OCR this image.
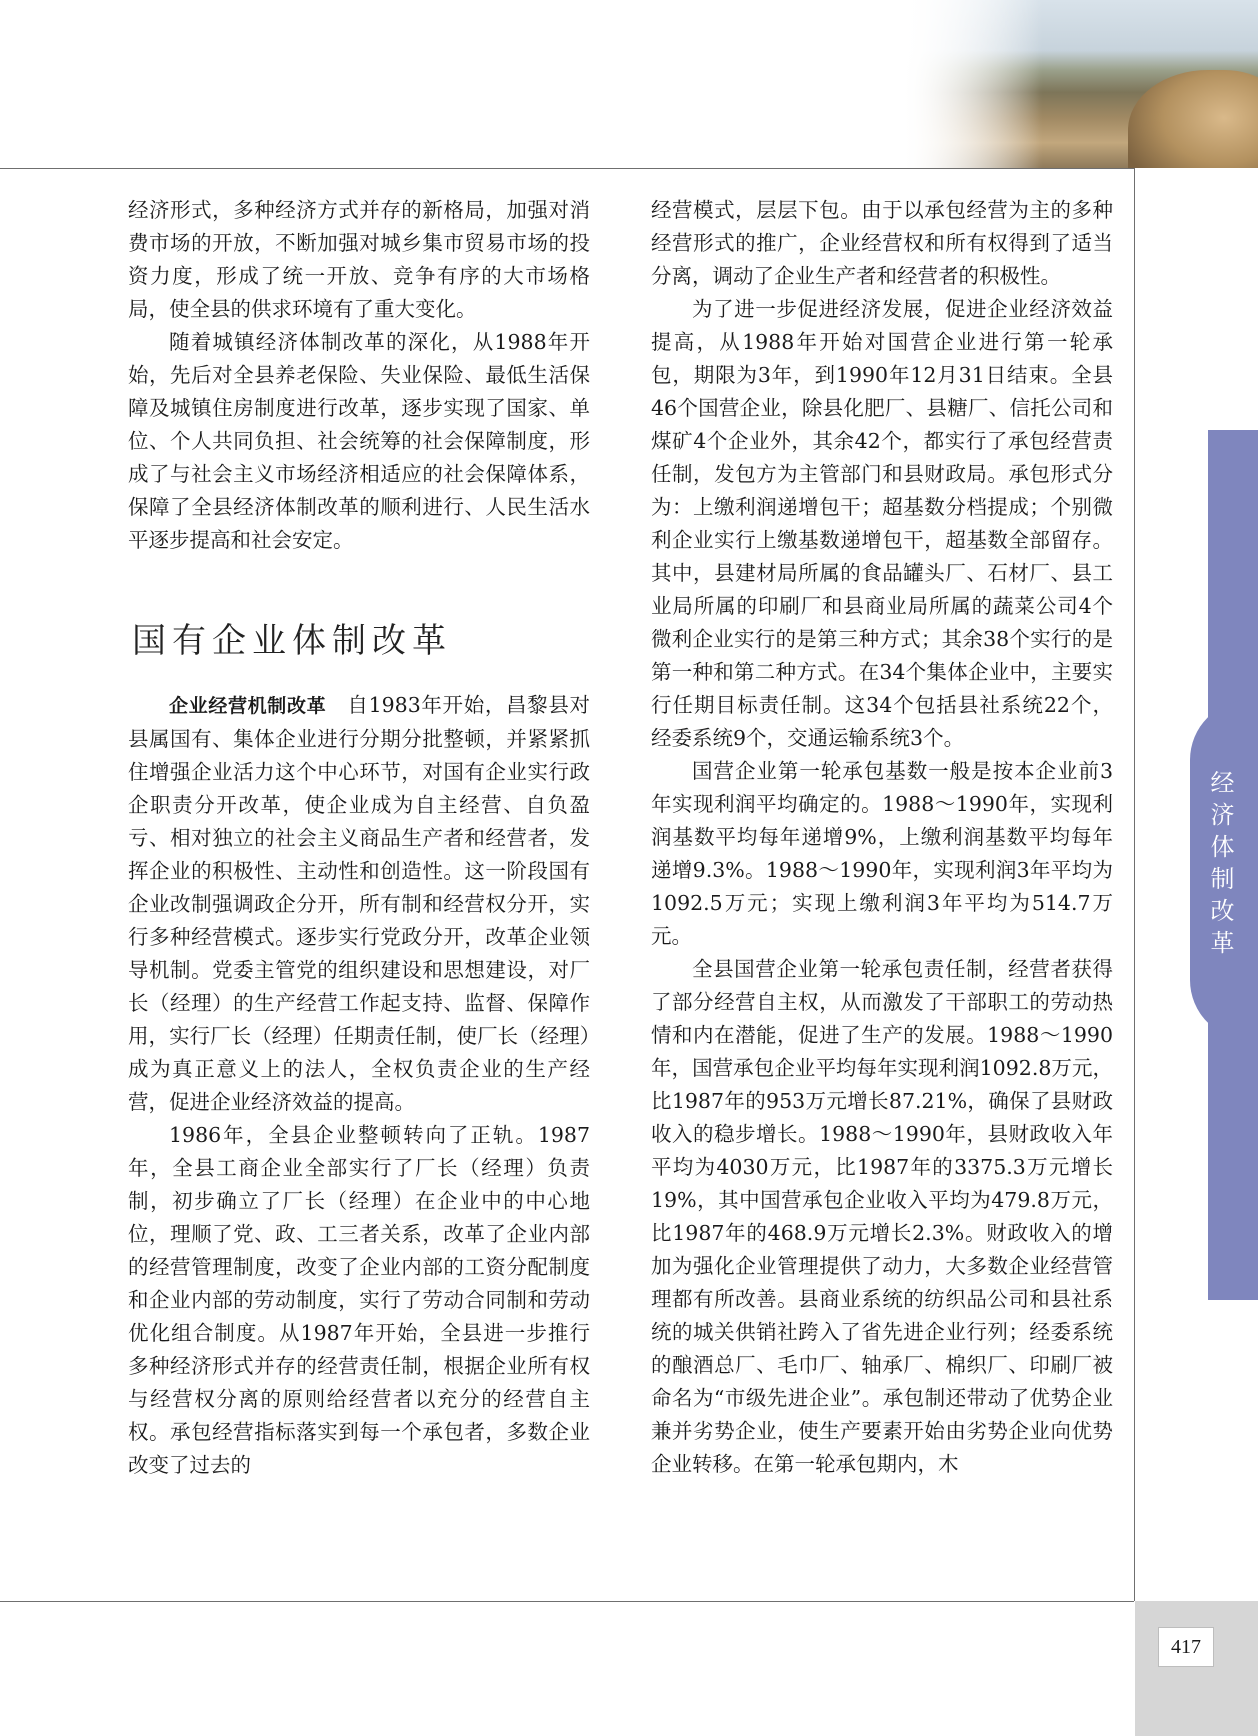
经济体制改革
417

经济形式，多种经济方式并存的新格局，加强对消费市场的开放，不断加强对城乡集市贸易市场的投资力度，形成了统一开放、竞争有序的大市场格局，使全县的供求环境有了重大变化。

随着城镇经济体制改革的深化，从1988年开始，先后对全县养老保险、失业保险、最低生活保障及城镇住房制度进行改革，逐步实现了国家、单位、个人共同负担、社会统筹的社会保障制度，形成了与社会主义市场经济相适应的社会保障体系，保障了全县经济体制改革的顺利进行、人民生活水平逐步提高和社会安定。

国有企业体制改革

企业经营机制改革　 自1983年开始，昌黎县对县属国有、集体企业进行分期分批整顿，并紧紧抓住增强企业活力这个中心环节，对国有企业实行政企职责分开改革，使企业成为自主经营、自负盈亏、相对独立的社会主义商品生产者和经营者，发挥企业的积极性、主动性和创造性。这一阶段国有企业改制强调政企分开，所有制和经营权分开，实行多种经营模式。逐步实行党政分开，改革企业领导机制。党委主管党的组织建设和思想建设，对厂长（经理）的生产经营工作起支持、监督、保障作用，实行厂长（经理）任期责任制，使厂长（经理）成为真正意义上的法人，全权负责企业的生产经营，促进企业经济效益的提高。

1986年，全县企业整顿转向了正轨。1987年，全县工商企业全部实行了厂长（经理）负责制，初步确立了厂长（经理）在企业中的中心地位，理顺了党、政、工三者关系，改革了企业内部的经营管理制度，改变了企业内部的工资分配制度和企业内部的劳动制度，实行了劳动合同制和劳动优化组合制度。从1987年开始，全县进一步推行多种经济形式并存的经营责任制，根据企业所有权与经营权分离的原则给经营者以充分的经营自主权。承包经营指标落实到每一个承包者，多数企业改变了过去的

经营模式，层层下包。由于以承包经营为主的多种经营形式的推广，企业经营权和所有权得到了适当分离，调动了企业生产者和经营者的积极性。

为了进一步促进经济发展，促进企业经济效益提高，从1988年开始对国营企业进行第一轮承包，期限为3年，到1990年12月31日结束。全县46个国营企业，除县化肥厂、县糖厂、信托公司和煤矿4个企业外，其余42个，都实行了承包经营责任制，发包方为主管部门和县财政局。承包形式分为：上缴利润递增包干；超基数分档提成；个别微利企业实行上缴基数递增包干，超基数全部留存。其中，县建材局所属的食品罐头厂、石材厂、县工业局所属的印刷厂和县商业局所属的蔬菜公司4个微利企业实行的是第三种方式；其余38个实行的是第一种和第二种方式。在34个集体企业中，主要实行任期目标责任制。这34个包括县社系统22个，经委系统9个，交通运输系统3个。

国营企业第一轮承包基数一般是按本企业前3年实现利润平均确定的。1988～1990年，实现利润基数平均每年递增9%，上缴利润基数平均每年递增9.3%。1988～1990年，实现利润3年平均为1092.5万元；实现上缴利润3年平均为514.7万元。

全县国营企业第一轮承包责任制，经营者获得了部分经营自主权，从而激发了干部职工的劳动热情和内在潜能，促进了生产的发展。1988～1990年，国营承包企业平均每年实现利润1092.8万元，比1987年的953万元增长87.21%，确保了县财政收入的稳步增长。1988～1990年，县财政收入年平均为4030万元，比1987年的3375.3万元增长19%，其中国营承包企业收入平均为479.8万元，比1987年的468.9万元增长2.3%。财政收入的增加为强化企业管理提供了动力，大多数企业经营管理都有所改善。县商业系统的纺织品公司和县社系统的城关供销社跨入了省先进企业行列；经委系统的酿酒总厂、毛巾厂、轴承厂、棉织厂、印刷厂被命名为“市级先进企业”。承包制还带动了优势企业兼并劣势企业，使生产要素开始由劣势企业向优势企业转移。在第一轮承包期内，木
